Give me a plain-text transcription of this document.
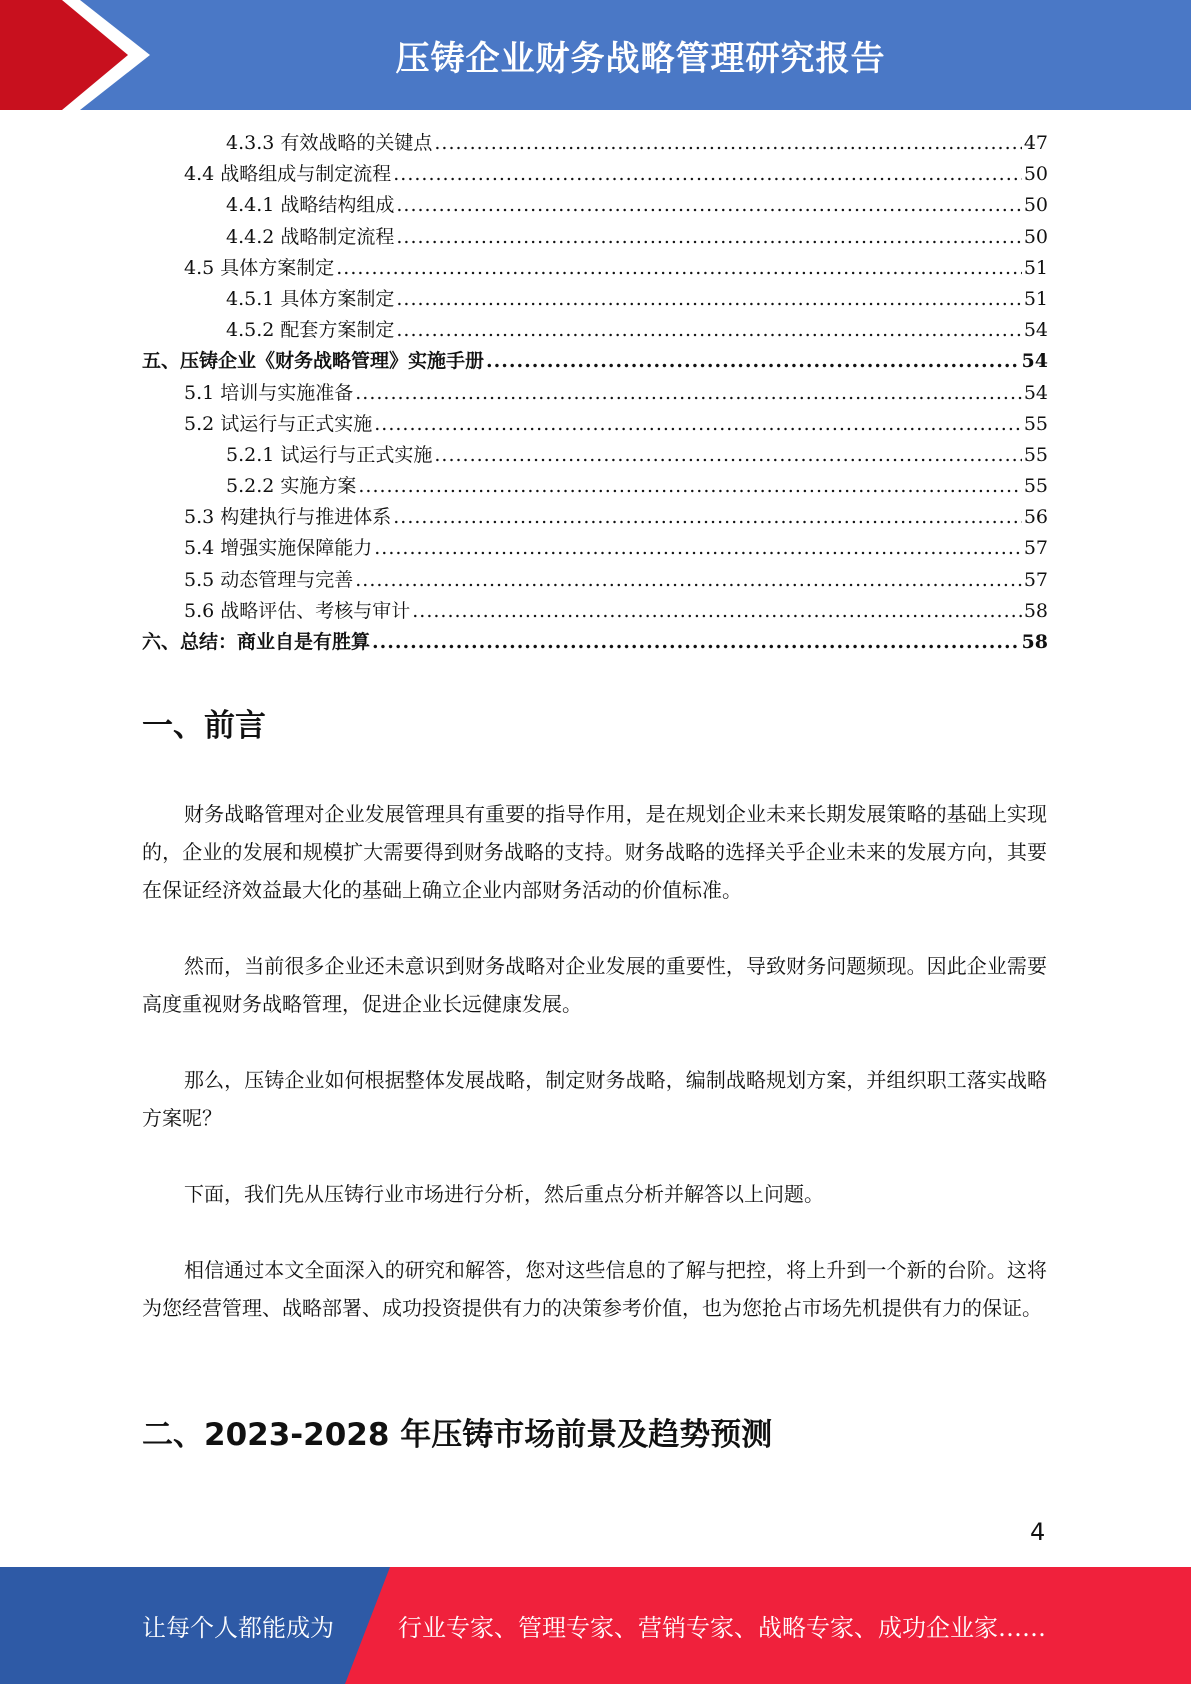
压铸企业财务战略管理研究报告
4.3.3 有效战略的关键点 .....	47
4.4 战略组成与制定流程 .....	50
4.4.1 战略结构组成 .....	50
4.4.2 战略制定流程 .....	50
4.5 具体方案制定 .....	51
4.5.1 具体方案制定 .....	51
4.5.2 配套方案制定 .....	54
五、压铸企业《财务战略管理》实施手册 .....	54
5.1 培训与实施准备 .....	54
5.2 试运行与正式实施 .....	55
5.2.1 试运行与正式实施 .....	55
5.2.2 实施方案 .....	55
5.3 构建执行与推进体系 .....	56
5.4 增强实施保障能力 .....	57
5.5 动态管理与完善 .....	57
5.6 战略评估、考核与审计 .....	58
六、总结：商业自是有胜算 .....	58
一、前言
财务战略管理对企业发展管理具有重要的指导作用，是在规划企业未来长期发展策略的基础上实现的，企业的发展和规模扩大需要得到财务战略的支持。财务战略的选择关乎企业未来的发展方向，其要在保证经济效益最大化的基础上确立企业内部财务活动的价值标准。
然而，当前很多企业还未意识到财务战略对企业发展的重要性，导致财务问题频现。因此企业需要高度重视财务战略管理，促进企业长远健康发展。
那么，压铸企业如何根据整体发展战略，制定财务战略，编制战略规划方案，并组织职工落实战略方案呢？
下面，我们先从压铸行业市场进行分析，然后重点分析并解答以上问题。
相信通过本文全面深入的研究和解答，您对这些信息的了解与把控，将上升到一个新的台阶。这将为您经营管理、战略部署、成功投资提供有力的决策参考价值，也为您抢占市场先机提供有力的保证。
二、2023-2028 年压铸市场前景及趋势预测
4
让每个人都能成为	行业专家、管理专家、营销专家、战略专家、成功企业家……
